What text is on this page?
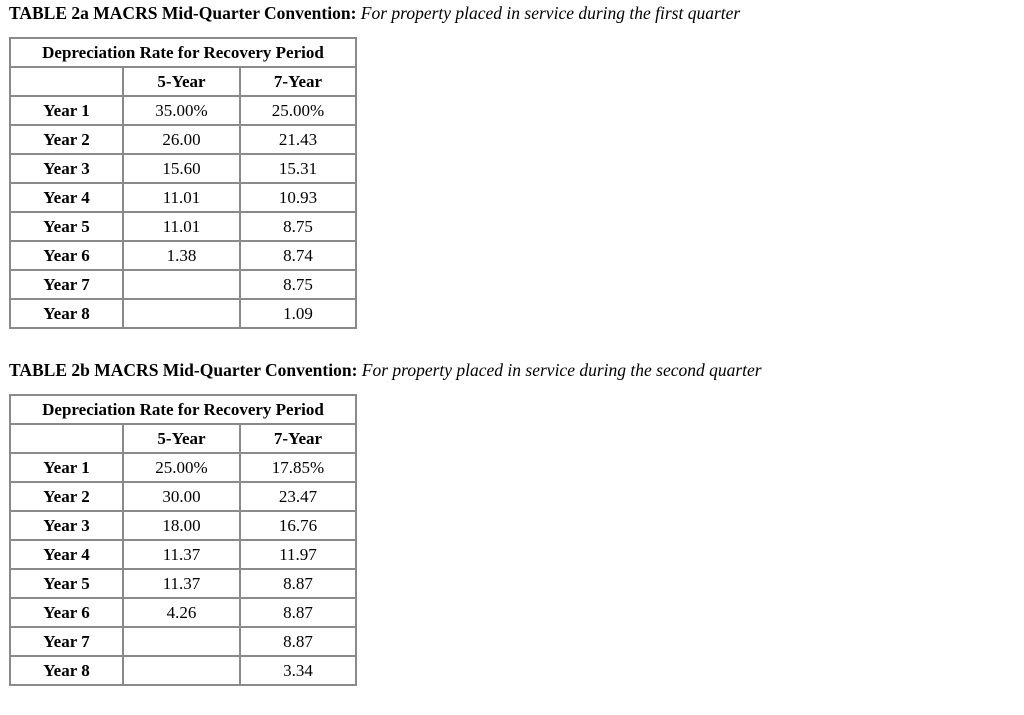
TABLE 2a MACRS Mid-Quarter Convention: For property placed in service during the first quarter
Depreciation Rate for Recovery Period		
	5-Year	7-Year
Year 1	35.00%	25.00%
Year 2	26.00	21.43
Year 3	15.60	15.31
Year 4	11.01	10.93
Year 5	11.01	8.75
Year 6	1.38	8.74
Year 7		8.75
Year 8		1.09
TABLE 2b MACRS Mid-Quarter Convention: For property placed in service during the second quarter
Depreciation Rate for Recovery Period		
	5-Year	7-Year
Year 1	25.00%	17.85%
Year 2	30.00	23.47
Year 3	18.00	16.76
Year 4	11.37	11.97
Year 5	11.37	8.87
Year 6	4.26	8.87
Year 7		8.87
Year 8		3.34
